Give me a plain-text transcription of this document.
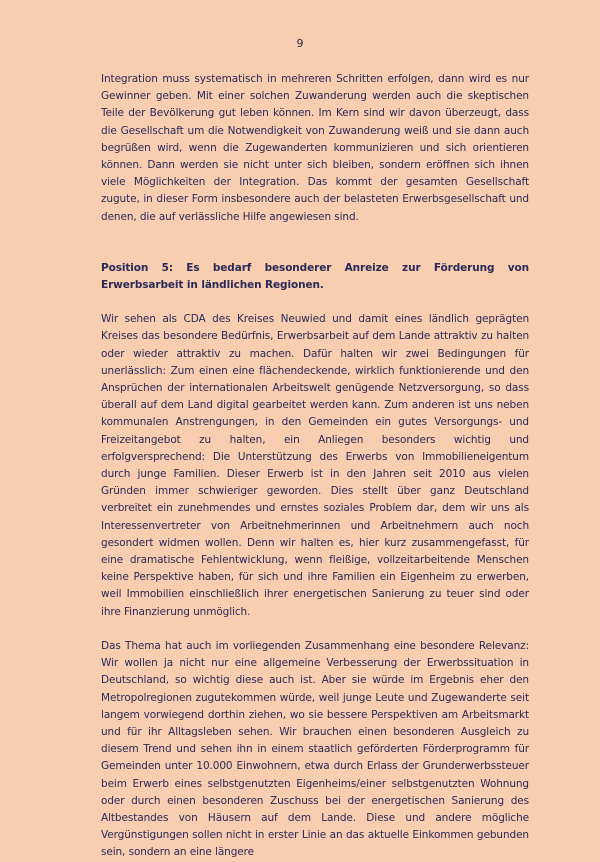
9

Integration muss systematisch in mehreren Schritten erfolgen, dann wird es nur Gewinner geben. Mit einer solchen Zuwanderung werden auch die skeptischen Teile der Bevölkerung gut leben können. Im Kern sind wir davon überzeugt, dass die Gesellschaft um die Notwendigkeit von Zuwanderung weiß und sie dann auch begrüßen wird, wenn die Zugewanderten kommunizieren und sich orientieren können. Dann werden sie nicht unter sich bleiben, sondern eröffnen sich ihnen viele Möglichkeiten der Integration. Das kommt der gesamten Gesellschaft zugute, in dieser Form insbesondere auch der belasteten Erwerbsgesellschaft und denen, die auf verlässliche Hilfe angewiesen sind.

Position 5: Es bedarf besonderer Anreize zur Förderung von Erwerbsarbeit in ländlichen Regionen.

Wir sehen als CDA des Kreises Neuwied und damit eines ländlich geprägten Kreises das besondere Bedürfnis, Erwerbsarbeit auf dem Lande attraktiv zu halten oder wieder attraktiv zu machen. Dafür halten wir zwei Bedingungen für unerlässlich: Zum einen eine flächendeckende, wirklich funktionierende und den Ansprüchen der internationalen Arbeitswelt genügende Netzversorgung, so dass überall auf dem Land digital gearbeitet werden kann. Zum anderen ist uns neben kommunalen Anstrengungen, in den Gemeinden ein gutes Versorgungs- und Freizeitangebot zu halten, ein Anliegen besonders wichtig und erfolgversprechend: Die Unterstützung des Erwerbs von Immobilieneigentum durch junge Familien. Dieser Erwerb ist in den Jahren seit 2010 aus vielen Gründen immer schwieriger geworden. Dies stellt über ganz Deutschland verbreitet ein zunehmendes und ernstes soziales Problem dar, dem wir uns als Interessenvertreter von Arbeitnehmerinnen und Arbeitnehmern auch noch gesondert widmen wollen. Denn wir halten es, hier kurz zusammengefasst, für eine dramatische Fehlentwicklung, wenn fleißige, vollzeitarbeitende Menschen keine Perspektive haben, für sich und ihre Familien ein Eigenheim zu erwerben, weil Immobilien einschließlich ihrer energetischen Sanierung zu teuer sind oder ihre Finanzierung unmöglich.

Das Thema hat auch im vorliegenden Zusammenhang eine besondere Relevanz: Wir wollen ja nicht nur eine allgemeine Verbesserung der Erwerbssituation in Deutschland, so wichtig diese auch ist. Aber sie würde im Ergebnis eher den Metropolregionen zugutekommen würde, weil junge Leute und Zugewanderte seit langem vorwiegend dorthin ziehen, wo sie bessere Perspektiven am Arbeitsmarkt und für ihr Alltagsleben sehen. Wir brauchen einen besonderen Ausgleich zu diesem Trend und sehen ihn in einem staatlich geförderten Förderprogramm für Gemeinden unter 10.000 Einwohnern, etwa durch Erlass der Grunderwerbssteuer beim Erwerb eines selbstgenutzten Eigenheims/einer selbstgenutzten Wohnung oder durch einen besonderen Zuschuss bei der energetischen Sanierung des Altbestandes von Häusern auf dem Lande. Diese und andere mögliche Vergünstigungen sollen nicht in erster Linie an das aktuelle Einkommen gebunden sein, sondern an eine längere
